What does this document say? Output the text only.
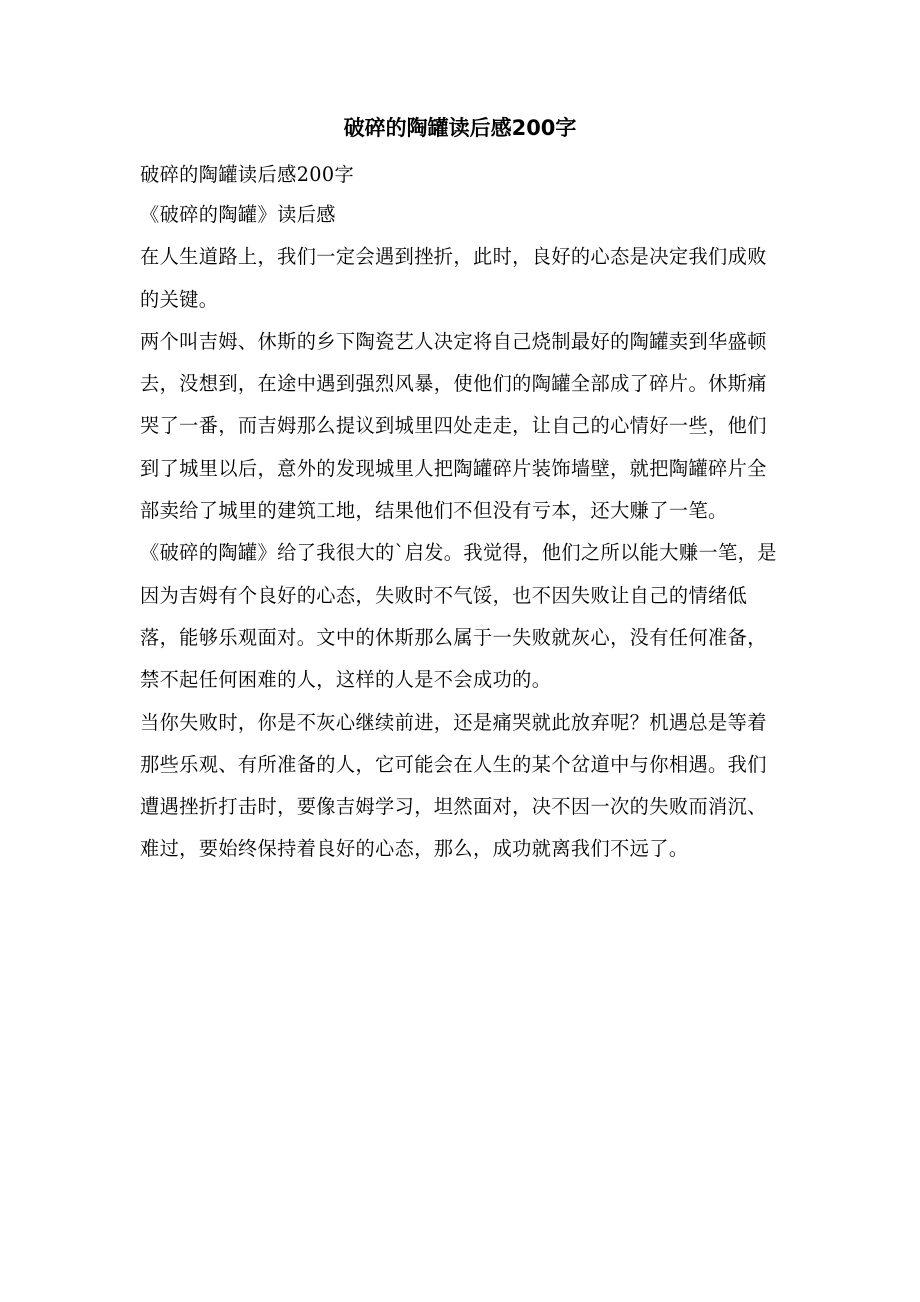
破碎的陶罐读后感200字

破碎的陶罐读后感200字

《破碎的陶罐》读后感

在人生道路上，我们一定会遇到挫折，此时，良好的心态是决定我们成败的关键。

两个叫吉姆、休斯的乡下陶瓷艺人决定将自己烧制最好的陶罐卖到华盛顿去，没想到，在途中遇到强烈风暴，使他们的陶罐全部成了碎片。休斯痛哭了一番，而吉姆那么提议到城里四处走走，让自己的心情好一些，他们到了城里以后，意外的发现城里人把陶罐碎片装饰墙壁，就把陶罐碎片全部卖给了城里的建筑工地，结果他们不但没有亏本，还大赚了一笔。

《破碎的陶罐》给了我很大的`启发。我觉得，他们之所以能大赚一笔，是因为吉姆有个良好的心态，失败时不气馁，也不因失败让自己的情绪低落，能够乐观面对。文中的休斯那么属于一失败就灰心，没有任何准备，禁不起任何困难的人，这样的人是不会成功的。

当你失败时，你是不灰心继续前进，还是痛哭就此放弃呢？机遇总是等着那些乐观、有所准备的人，它可能会在人生的某个岔道中与你相遇。我们遭遇挫折打击时，要像吉姆学习，坦然面对，决不因一次的失败而消沉、难过，要始终保持着良好的心态，那么，成功就离我们不远了。
